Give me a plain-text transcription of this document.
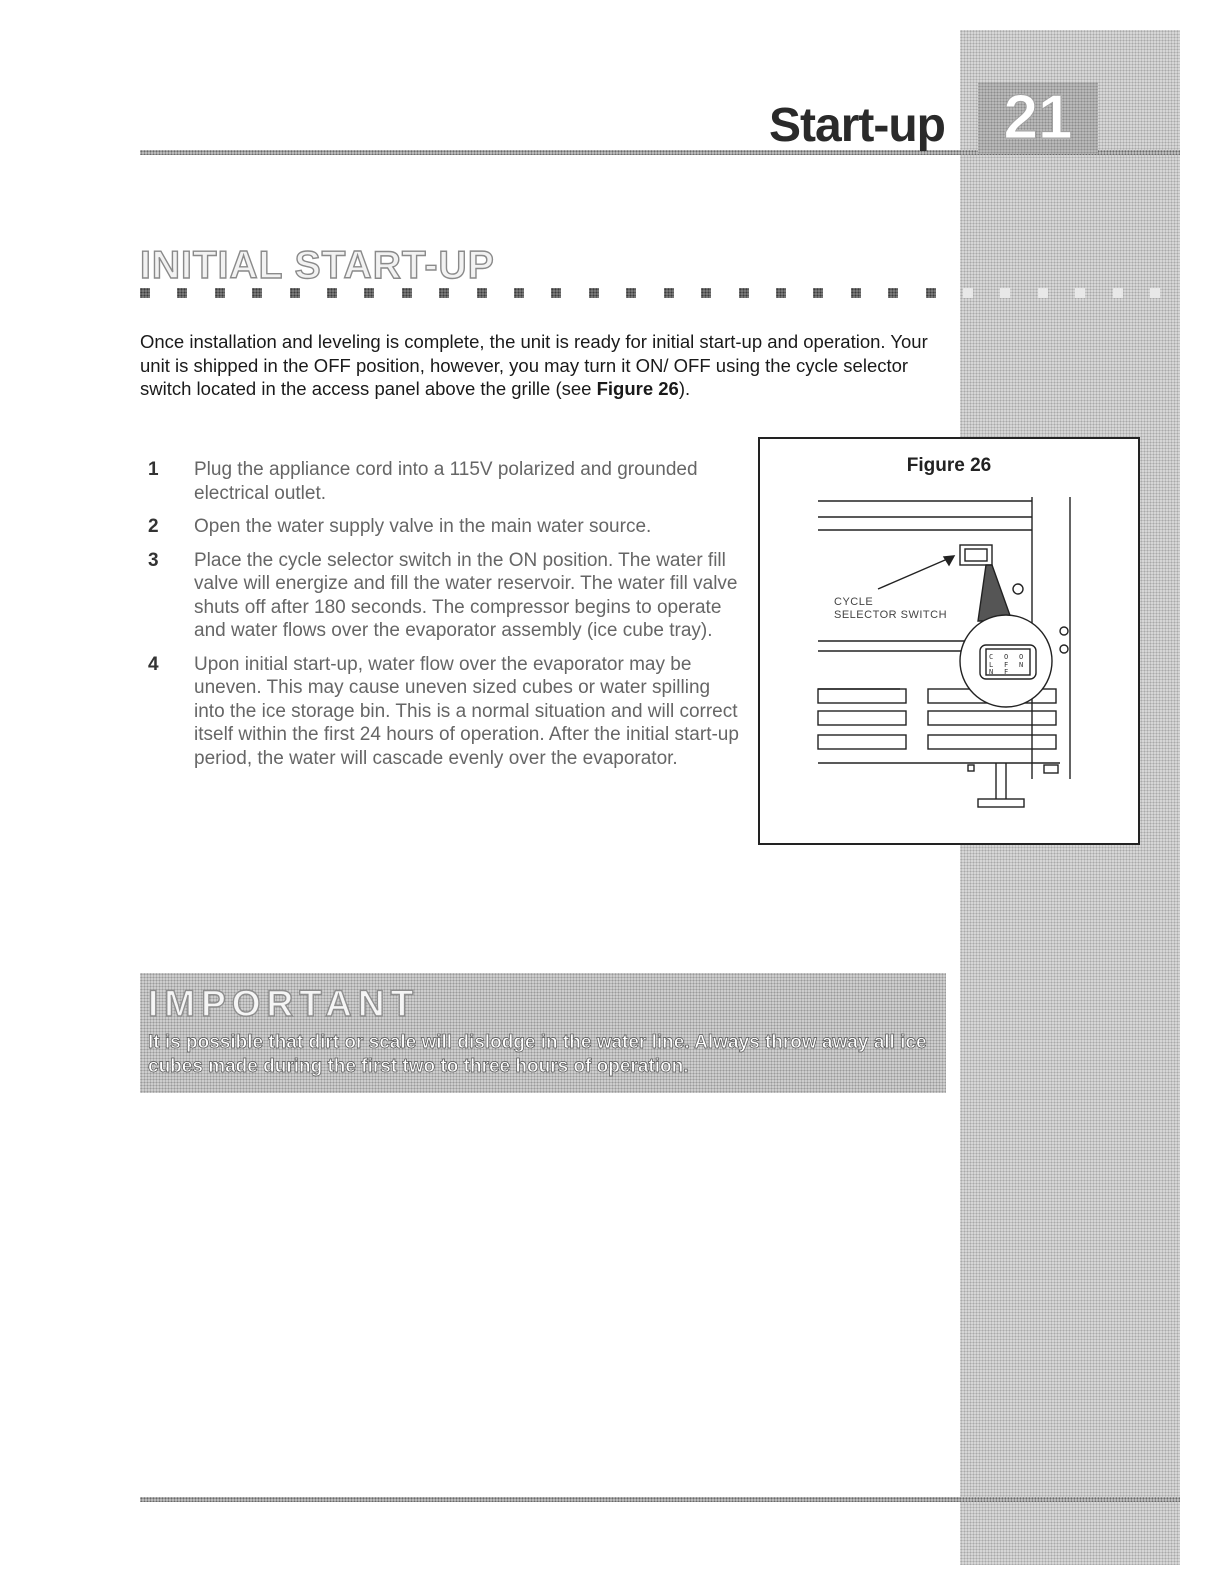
Start-up 21
INITIAL START-UP

Once installation and leveling is complete, the unit is ready for initial start-up and operation. Your unit is shipped in the OFF position, however, you may turn it ON/ OFF using the cycle selector switch located in the access panel above the grille (see Figure 26).

1 Plug the appliance cord into a 115V polarized and grounded electrical outlet.
2 Open the water supply valve in the main water source.
3 Place the cycle selector switch in the ON position. The water fill valve will energize and fill the water reservoir. The water fill valve shuts off after 180 seconds. The compressor begins to operate and water flows over the evaporator assembly (ice cube tray).
4 Upon initial start-up, water flow over the evaporator may be uneven. This may cause uneven sized cubes or water spilling into the ice storage bin. This is a normal situation and will correct itself within the first 24 hours of operation. After the initial start-up period, the water will cascade evenly over the evaporator.

Figure 26

C O O
L F N
N F

CYCLE

SELECTOR SWITCH

IMPORTANT

It is possible that dirt or scale will dislodge in the water line. Always throw away all ice cubes made during the first two to three hours of operation.
